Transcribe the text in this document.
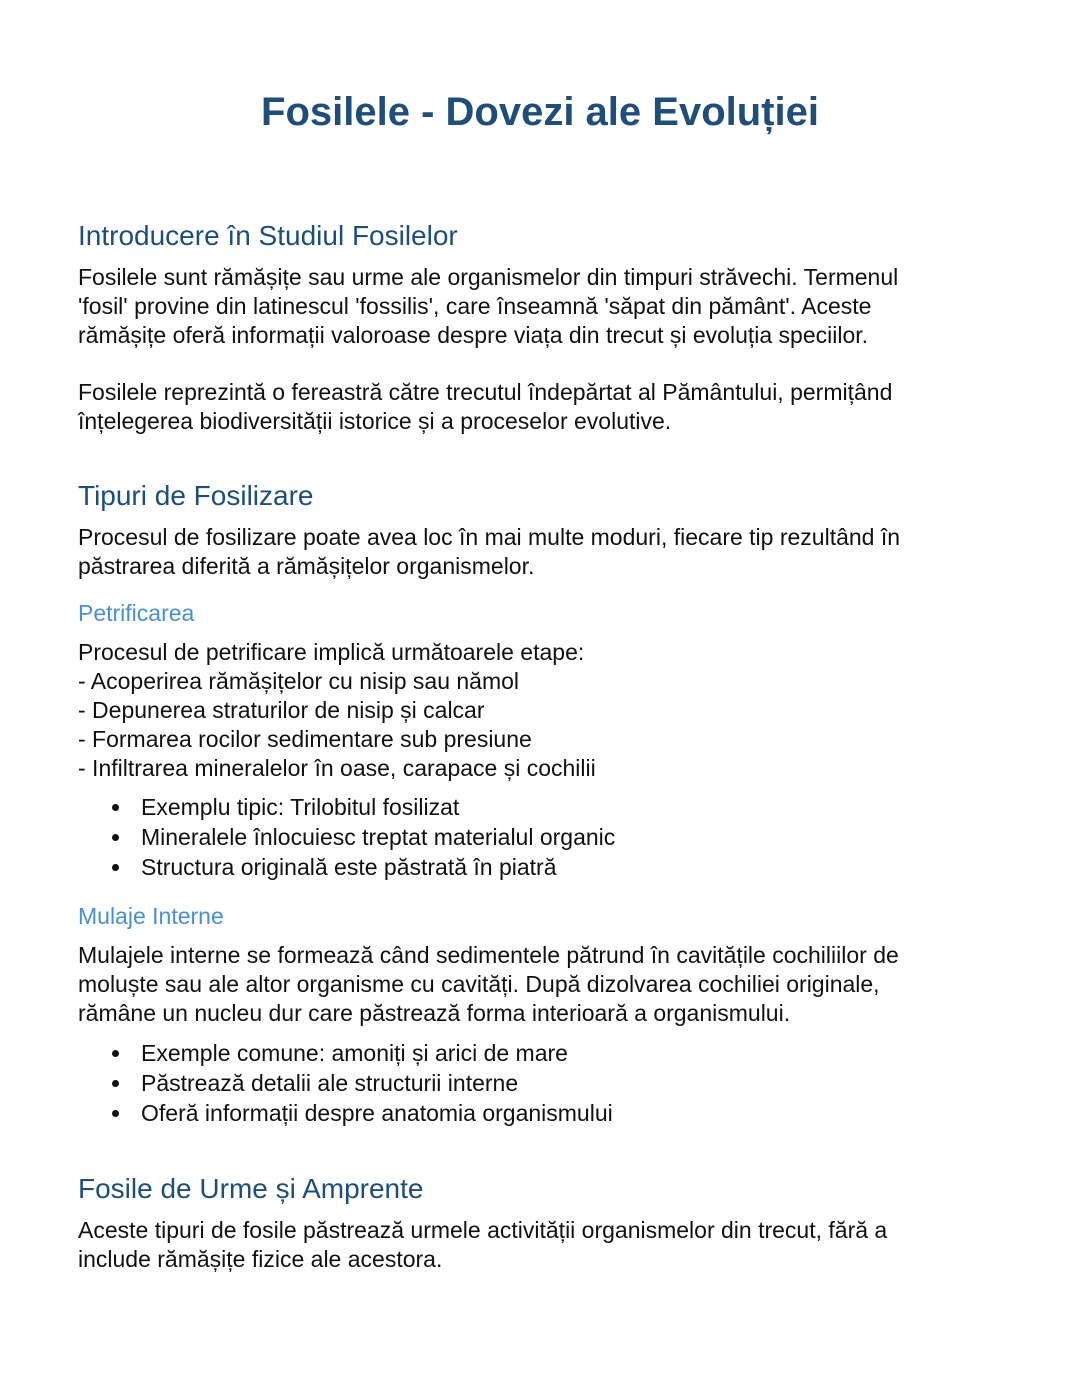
Fosilele - Dovezi ale Evoluției
Introducere în Studiul Fosilelor

Fosilele sunt rămășițe sau urme ale organismelor din timpuri străvechi. Termenul
'fosil' provine din latinescul 'fossilis', care înseamnă 'săpat din pământ'. Aceste
rămășițe oferă informații valoroase despre viața din trecut și evoluția speciilor.

Fosilele reprezintă o fereastră către trecutul îndepărtat al Pământului, permițând
înțelegerea biodiversității istorice și a proceselor evolutive.

Tipuri de Fosilizare

Procesul de fosilizare poate avea loc în mai multe moduri, fiecare tip rezultând în
păstrarea diferită a rămășițelor organismelor.

Petrificarea

Procesul de petrificare implică următoarele etape:
- Acoperirea rămășițelor cu nisip sau nămol
- Depunerea straturilor de nisip și calcar
- Formarea rocilor sedimentare sub presiune
- Infiltrarea mineralelor în oase, carapace și cochilii

Exemplu tipic: Trilobitul fosilizat
Mineralele înlocuiesc treptat materialul organic
Structura originală este păstrată în piatră
Mulaje Interne

Mulajele interne se formează când sedimentele pătrund în cavitățile cochiliilor de
moluște sau ale altor organisme cu cavități. După dizolvarea cochiliei originale,
rămâne un nucleu dur care păstrează forma interioară a organismului.

Exemple comune: amoniți și arici de mare
Păstrează detalii ale structurii interne
Oferă informații despre anatomia organismului
Fosile de Urme și Amprente

Aceste tipuri de fosile păstrează urmele activității organismelor din trecut, fără a
include rămășițe fizice ale acestora.
